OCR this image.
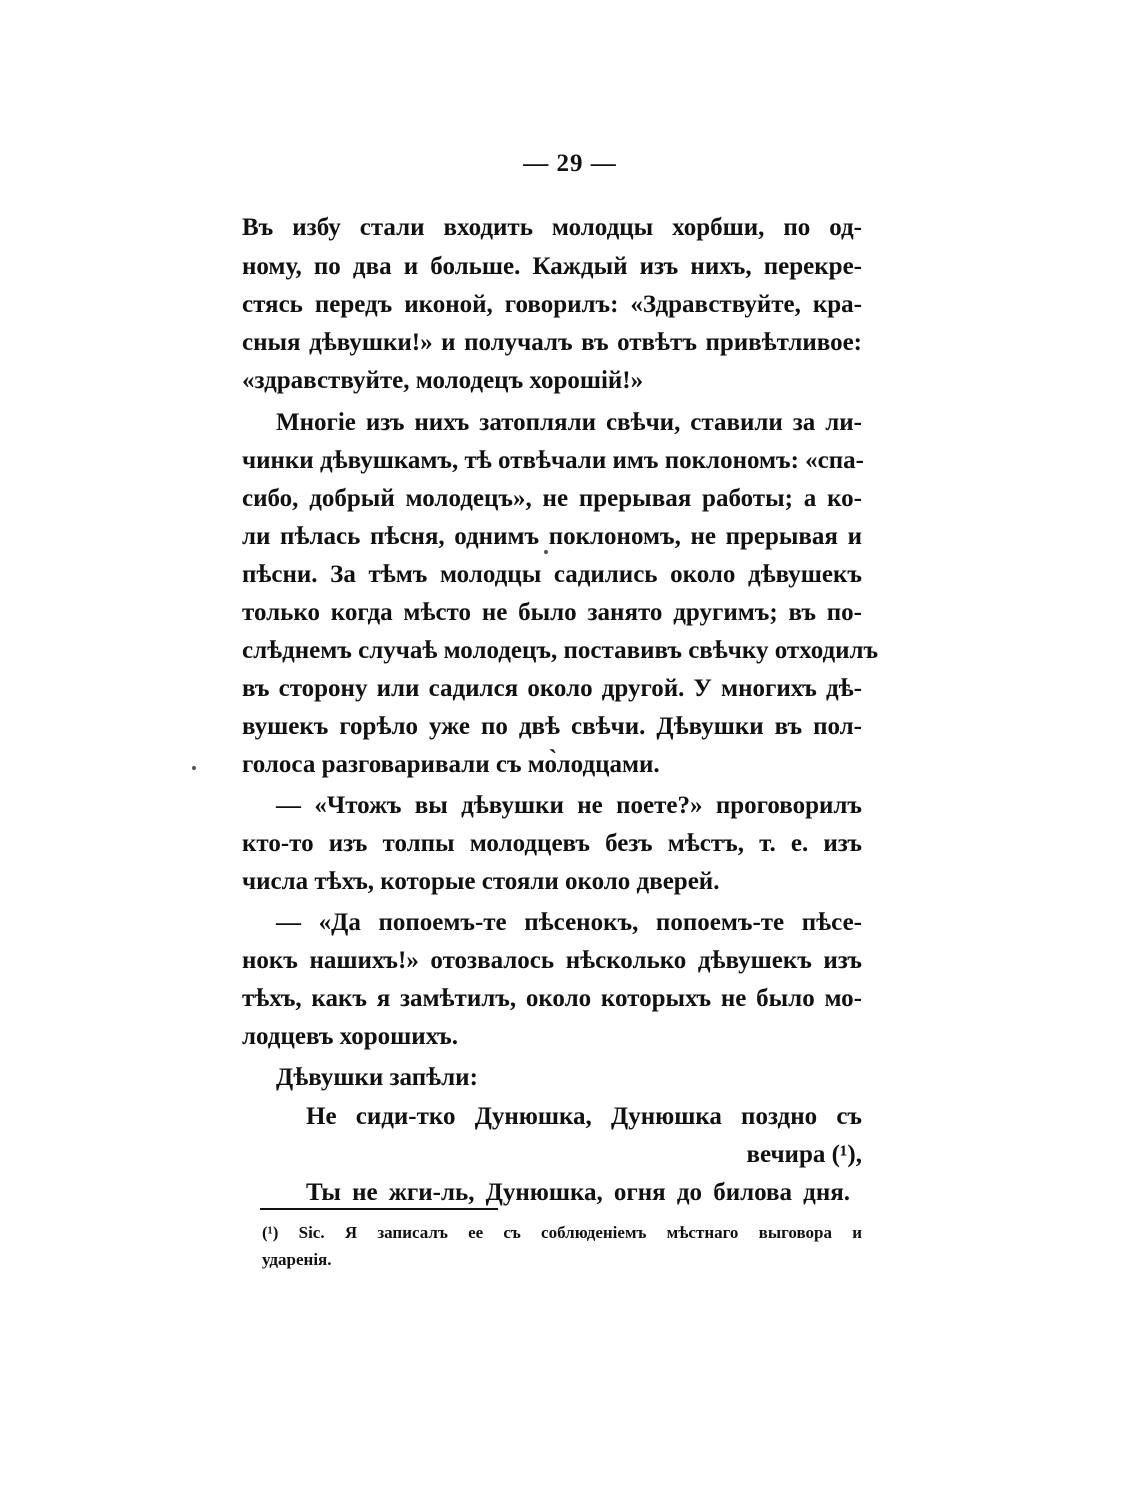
— 29 —
Въ избу стали входить молодцы хорбши, по од-
ному, по два и больше. Каждый изъ нихъ, перекре-
стясь передъ иконой, говорилъ: «Здравствуйте, кра-
сныя дѣвушки!» и получалъ въ отвѣтъ привѣтливое:
«здравствуйте, молодецъ хорошій!»
Многіе изъ нихъ затопляли свѣчи, ставили за ли-
чинки дѣвушкамъ, тѣ отвѣчали имъ поклономъ: «спа-
сибо, добрый молодецъ», не прерывая работы; а ко-
ли пѣлась пѣсня, однимъ поклономъ, не прерывая и
пѣсни. За тѣмъ молодцы садились около дѣвушекъ
только когда мѣсто не было занято другимъ; въ по-
слѣднемъ случаѣ молодецъ, поставивъ свѣчку отходилъ
въ сторону или садился около другой. У многихъ дѣ-
вушекъ горѣло уже по двѣ свѣчи. Дѣвушки въ пол-
голоса разговаривали съ мо̀лодцами.
— «Чтожъ вы дѣвушки не поете?» проговорилъ
кто-то изъ толпы молодцевъ безъ мѣстъ, т. е. изъ
числа тѣхъ, которые стояли около дверей.
— «Да попоемъ-те пѣсенокъ, попоемъ-те пѣсе-
нокъ нашихъ!» отозвалось нѣсколько дѣвушекъ изъ
тѣхъ, какъ я замѣтилъ, около которыхъ не было мо-
лодцевъ хорошихъ.
Дѣвушки запѣли:
Не сиди-тко Дунюшка, Дунюшка поздно съ
вечира (¹),
Ты не жги-ль, Дунюшка, огня до билова дня.
(¹) Sic. Я записалъ ее съ соблюденіемъ мѣстнаго выговора и
ударенія.
